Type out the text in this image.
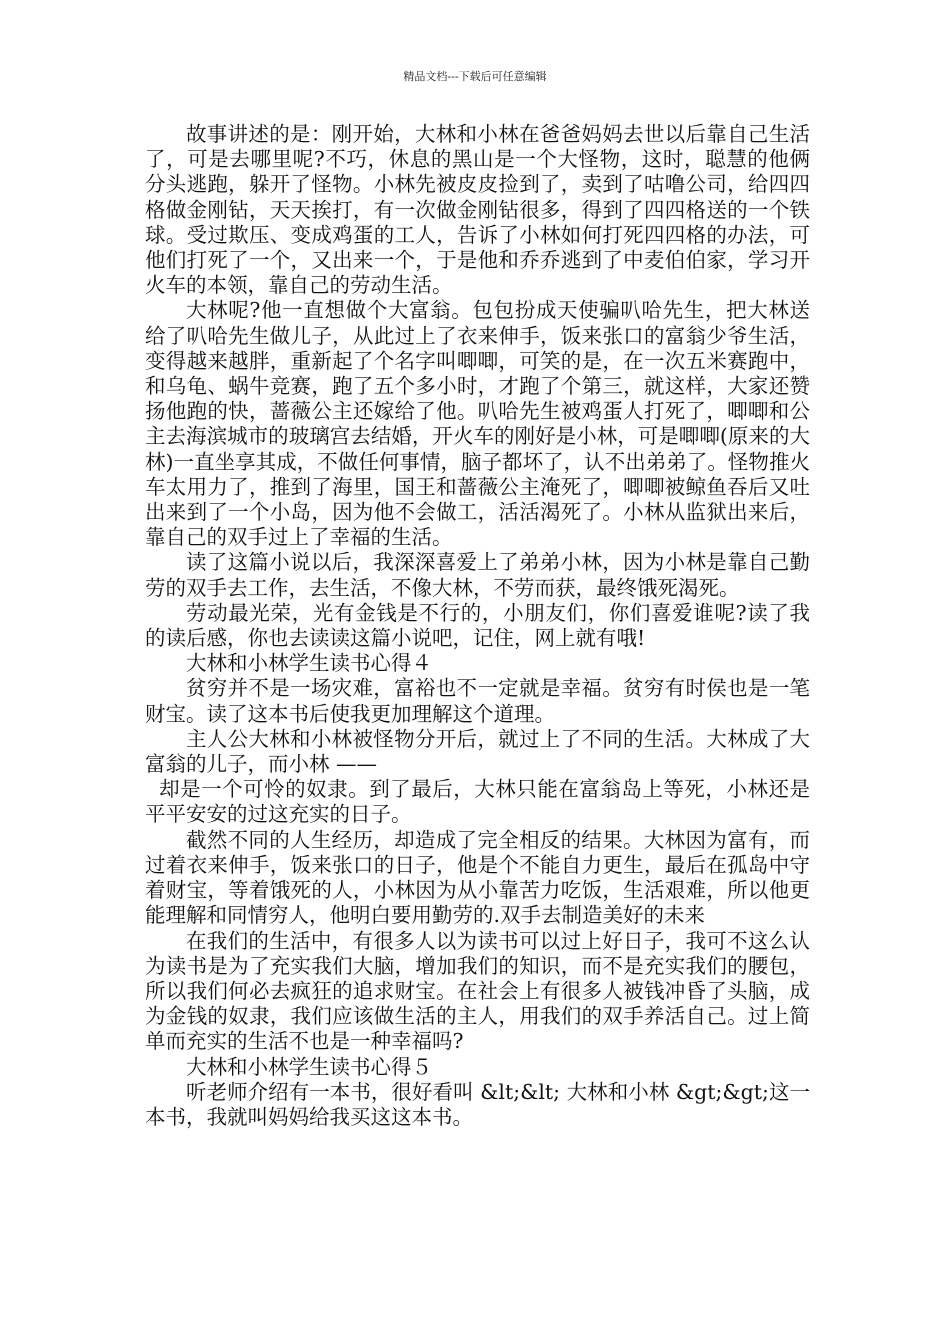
精品文档---下载后可任意编辑

故事讲述的是：刚开始，大林和小林在爸爸妈妈去世以后靠自己生活了，可是去哪里呢?不巧，休息的黑山是一个大怪物，这时，聪慧的他俩分头逃跑，躲开了怪物。小林先被皮皮捡到了，卖到了咕噜公司，给四四格做金刚钻，天天挨打，有一次做金刚钻很多，得到了四四格送的一个铁球。受过欺压、变成鸡蛋的工人，告诉了小林如何打死四四格的办法，可他们打死了一个，又出来一个，于是他和乔乔逃到了中麦伯伯家，学习开火车的本领，靠自己的劳动生活。

大林呢?他一直想做个大富翁。包包扮成天使骗叭哈先生，把大林送给了叭哈先生做儿子，从此过上了衣来伸手，饭来张口的富翁少爷生活，变得越来越胖，重新起了个名字叫唧唧，可笑的是，在一次五米赛跑中，和乌龟、蜗牛竞赛，跑了五个多小时，才跑了个第三，就这样，大家还赞扬他跑的快，蔷薇公主还嫁给了他。叭哈先生被鸡蛋人打死了，唧唧和公主去海滨城市的玻璃宫去结婚，开火车的刚好是小林，可是唧唧(原来的大林)一直坐享其成，不做任何事情，脑子都坏了，认不出弟弟了。怪物推火车太用力了，推到了海里，国王和蔷薇公主淹死了，唧唧被鲸鱼吞后又吐出来到了一个小岛，因为他不会做工，活活渴死了。小林从监狱出来后，靠自己的双手过上了幸福的生活。

读了这篇小说以后，我深深喜爱上了弟弟小林，因为小林是靠自己勤劳的双手去工作，去生活，不像大林，不劳而获，最终饿死渴死。

劳动最光荣，光有金钱是不行的，小朋友们，你们喜爱谁呢?读了我的读后感，你也去读读这篇小说吧，记住，网上就有哦!

大林和小林学生读书心得４

贫穷并不是一场灾难，富裕也不一定就是幸福。贫穷有时侯也是一笔财宝。读了这本书后使我更加理解这个道理。

主人公大林和小林被怪物分开后，就过上了不同的生活。大林成了大富翁的儿子，而小林 ——

却是一个可怜的奴隶。到了最后，大林只能在富翁岛上等死，小林还是平平安安的过这充实的日子。

截然不同的人生经历，却造成了完全相反的结果。大林因为富有，而过着衣来伸手，饭来张口的日子，他是个不能自力更生，最后在孤岛中守着财宝，等着饿死的人，小林因为从小靠苦力吃饭，生活艰难，所以他更能理解和同情穷人，他明白要用勤劳的.双手去制造美好的未来

在我们的生活中，有很多人以为读书可以过上好日子，我可不这么认为读书是为了充实我们大脑，增加我们的知识，而不是充实我们的腰包，所以我们何必去疯狂的追求财宝。在社会上有很多人被钱冲昏了头脑，成为金钱的奴隶，我们应该做生活的主人，用我们的双手养活自己。过上简单而充实的生活不也是一种幸福吗?

大林和小林学生读书心得５

听老师介绍有一本书，很好看叫 &lt;&lt; 大林和小林 &gt;&gt;这一本书，我就叫妈妈给我买这这本书。
